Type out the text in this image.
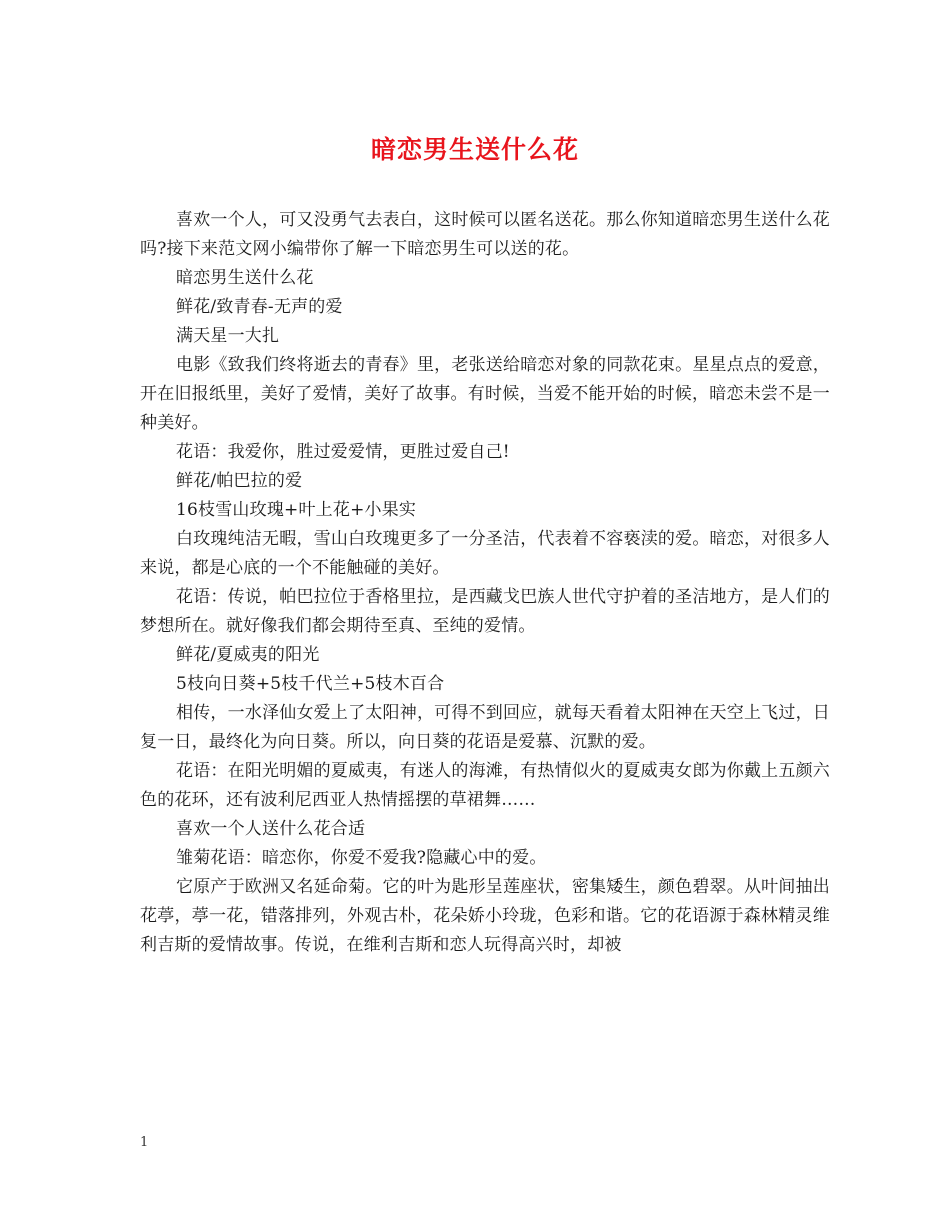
暗恋男生送什么花

喜欢一个人，可又没勇气去表白，这时候可以匿名送花。那么你知道暗恋男生送什么花吗?接下来范文网小编带你了解一下暗恋男生可以送的花。

暗恋男生送什么花

鲜花/致青春-无声的爱

满天星一大扎

电影《致我们终将逝去的青春》里，老张送给暗恋对象的同款花束。星星点点的爱意，开在旧报纸里，美好了爱情，美好了故事。有时候，当爱不能开始的时候，暗恋未尝不是一种美好。

花语：我爱你，胜过爱爱情，更胜过爱自己!

鲜花/帕巴拉的爱

16枝雪山玫瑰+叶上花+小果实

白玫瑰纯洁无暇，雪山白玫瑰更多了一分圣洁，代表着不容亵渎的爱。暗恋，对很多人来说，都是心底的一个不能触碰的美好。

花语：传说，帕巴拉位于香格里拉，是西藏戈巴族人世代守护着的圣洁地方，是人们的梦想所在。就好像我们都会期待至真、至纯的爱情。

鲜花/夏威夷的阳光

5枝向日葵+5枝千代兰+5枝木百合

相传，一水泽仙女爱上了太阳神，可得不到回应，就每天看着太阳神在天空上飞过，日复一日，最终化为向日葵。所以，向日葵的花语是爱慕、沉默的爱。

花语：在阳光明媚的夏威夷，有迷人的海滩，有热情似火的夏威夷女郎为你戴上五颜六色的花环，还有波利尼西亚人热情摇摆的草裙舞……

喜欢一个人送什么花合适

雏菊花语：暗恋你，你爱不爱我?隐藏心中的爱。

它原产于欧洲又名延命菊。它的叶为匙形呈莲座状，密集矮生，颜色碧翠。从叶间抽出花葶，葶一花，错落排列，外观古朴，花朵娇小玲珑，色彩和谐。它的花语源于森林精灵维利吉斯的爱情故事。传说，在维利吉斯和恋人玩得高兴时，却被

1
